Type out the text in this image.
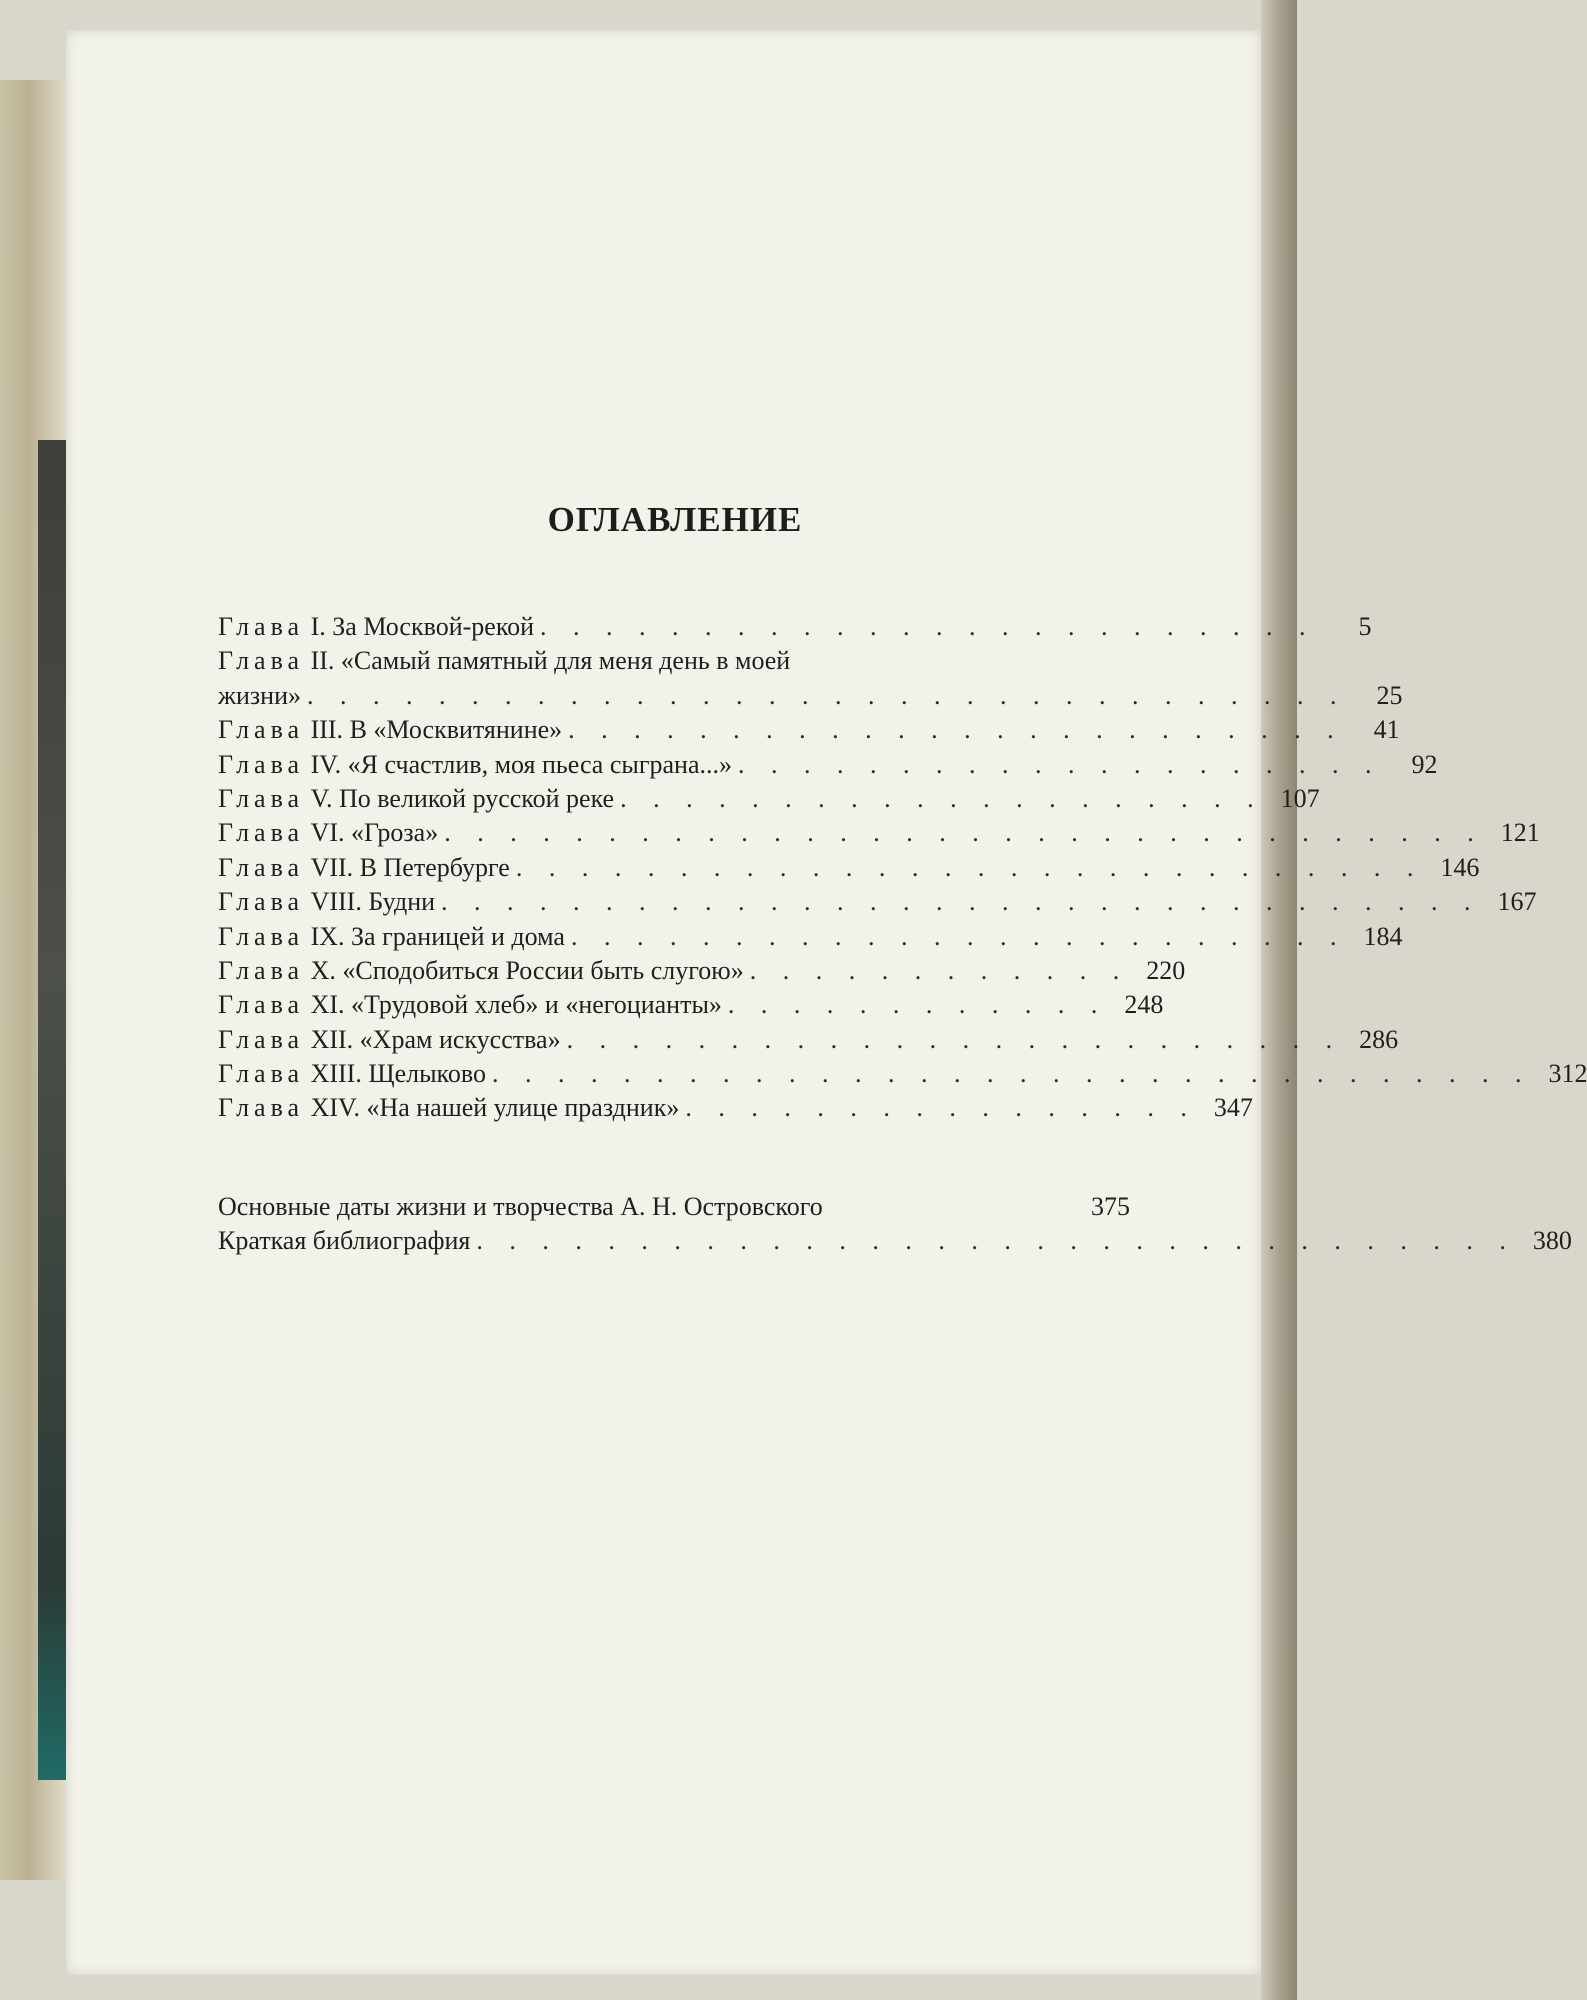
ОГЛАВЛЕНИЕ
Глава I. За Москвой-рекой . . . . . . . . . . . . . . . . . . . . . . . .	5
Глава II. «Самый памятный для меня день в моей
жизни» . . . . . . . . . . . . . . . . . . . . . . . . . . . . . . . .	25
Глава III. В «Москвитянине» . . . . . . . . . . . . . . . . . . . . . . . .	41
Глава IV. «Я счастлив, моя пьеса сыграна...» . . . . . . . . . . . . . . . . . . . .	92
Глава V. По великой русской реке . . . . . . . . . . . . . . . . . . . . 107
Глава VI. «Гроза» . . . . . . . . . . . . . . . . . . . . . . . . . . . . . . . . 121
Глава VII. В Петербурге . . . . . . . . . . . . . . . . . . . . . . . . . . . . 146
Глава VIII. Будни . . . . . . . . . . . . . . . . . . . . . . . . . . . . . . . . 167
Глава IX. За границей и дома . . . . . . . . . . . . . . . . . . . . . . . . 184
Глава X. «Сподобиться России быть слугою» . . . . . . . . . . . . 220
Глава XI. «Трудовой хлеб» и «негоцианты» . . . . . . . . . . . . 248
Глава XII. «Храм искусства» . . . . . . . . . . . . . . . . . . . . . . . . 286
Глава XIII. Щелыково . . . . . . . . . . . . . . . . . . . . . . . . . . . . . . . . 312
Глава XIV. «На нашей улице праздник» . . . . . . . . . . . . . . . . 347
Основные даты жизни и творчества А. Н. Островского	375
Краткая библиография . . . . . . . . . . . . . . . . . . . . . . . . . . . . . . . . 380
